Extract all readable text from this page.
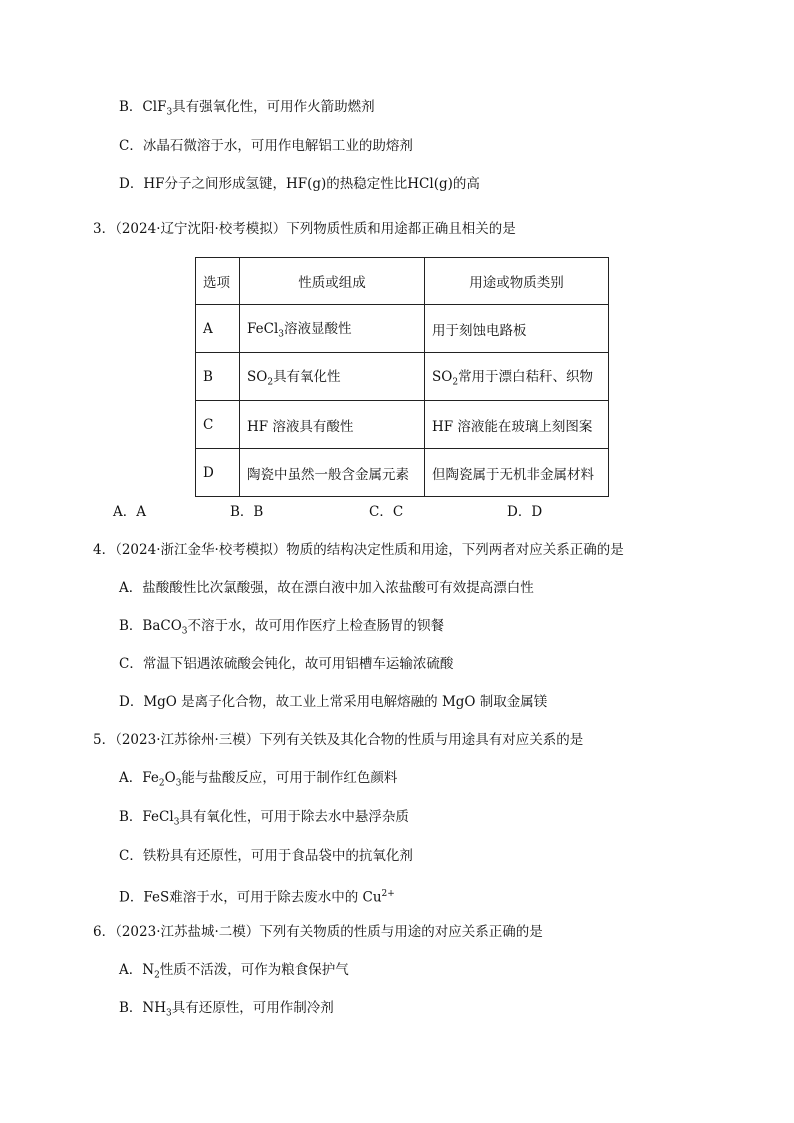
B．ClF$_3$具有强氧化性，可用作火箭助燃剂
C．冰晶石微溶于水，可用作电解铝工业的助熔剂
D．HF分子之间形成氢键，HF(g)的热稳定性比HCl(g)的高
3．（2024·辽宁沈阳·校考模拟）下列物质性质和用途都正确且相关的是
选项	性质或组成	用途或物质类别
A	FeCl$_3$溶液显酸性	用于刻蚀电路板
B	$SO_2$具有氧化性	$SO_2$常用于漂白秸秆、织物
C	HF 溶液具有酸性	HF 溶液能在玻璃上刻图案
D	陶瓷中虽然一般含金属元素	但陶瓷属于无机非金属材料
A．A	B．B	C．C	D．D
4．（2024·浙江金华·校考模拟）物质的结构决定性质和用途，下列两者对应关系正确的是
A．盐酸酸性比次氯酸强，故在漂白液中加入浓盐酸可有效提高漂白性
B．BaCO$_3$不溶于水，故可用作医疗上检查肠胃的钡餐
C．常温下铝遇浓硫酸会钝化，故可用铝槽车运输浓硫酸
D．MgO 是离子化合物，故工业上常采用电解熔融的 MgO 制取金属镁
5．（2023·江苏徐州·三模）下列有关铁及其化合物的性质与用途具有对应关系的是
A．$Fe_2O_3$能与盐酸反应，可用于制作红色颜料
B．FeCl$_3$具有氧化性，可用于除去水中悬浮杂质
C．铁粉具有还原性，可用于食品袋中的抗氧化剂
D．FeS难溶于水，可用于除去废水中的 $Cu^{2+}$
6．（2023·江苏盐城·二模）下列有关物质的性质与用途的对应关系正确的是
A．$N_2$性质不活泼，可作为粮食保护气
B．$NH_3$具有还原性，可用作制冷剂
